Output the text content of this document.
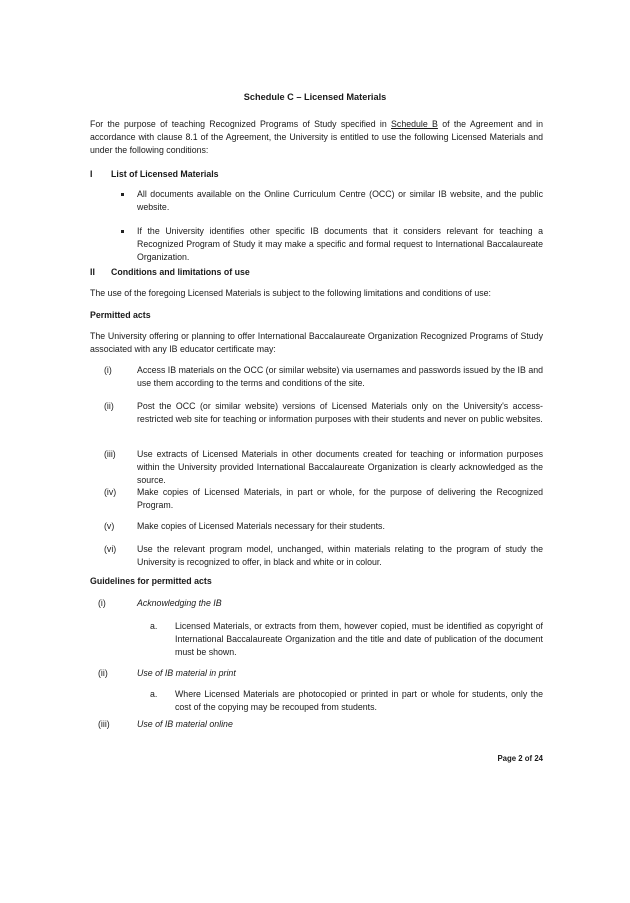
Schedule C – Licensed Materials
For the purpose of teaching Recognized Programs of Study specified in Schedule B of the Agreement and in accordance with clause 8.1 of the Agreement, the University is entitled to use the following Licensed Materials and under the following conditions:
I List of Licensed Materials
All documents available on the Online Curriculum Centre (OCC) or similar IB website, and the public website.
If the University identifies other specific IB documents that it considers relevant for teaching a Recognized Program of Study it may make a specific and formal request to International Baccalaureate Organization.
II Conditions and limitations of use
The use of the foregoing Licensed Materials is subject to the following limitations and conditions of use:
Permitted acts
The University offering or planning to offer International Baccalaureate Organization Recognized Programs of Study associated with any IB educator certificate may:
(i)	Access IB materials on the OCC (or similar website) via usernames and passwords issued by the IB and use them according to the terms and conditions of the site.
(ii)	Post the OCC (or similar website) versions of Licensed Materials only on the University's access-restricted web site for teaching or information purposes with their students and never on public websites.
(iii) Use extracts of Licensed Materials in other documents created for teaching or information purposes within the University provided International Baccalaureate Organization is clearly acknowledged as the source.
(iv) Make copies of Licensed Materials, in part or whole, for the purpose of delivering the Recognized Program.
(v)	Make copies of Licensed Materials necessary for their students.
(vi) Use the relevant program model, unchanged, within materials relating to the program of study the University is recognized to offer, in black and white or in colour.
Guidelines for permitted acts
(i)	Acknowledging the IB
a. Licensed Materials, or extracts from them, however copied, must be identified as copyright of International Baccalaureate Organization and the title and date of publication of the document must be shown.
(ii)	Use of IB material in print
a. Where Licensed Materials are photocopied or printed in part or whole for students, only the cost of the copying may be recouped from students.
(iii)	Use of IB material online
Page 2 of 24
